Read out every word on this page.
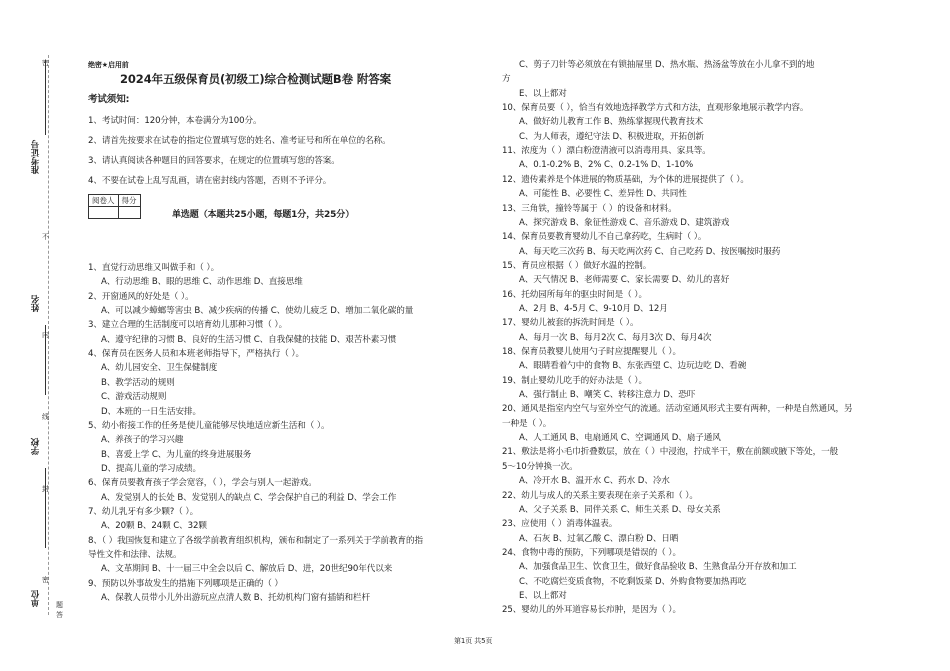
密
不
内
线
封
密
题
答
准考证号
姓名
学校
单位
绝密★启用前
2024年五级保育员(初级工)综合检测试题B卷 附答案
考试须知:
1、考试时间：120分钟，本卷满分为100分。
2、请首先按要求在试卷的指定位置填写您的姓名、准考证号和所在单位的名称。
3、请认真阅读各种题目的回答要求，在规定的位置填写您的答案。
4、不要在试卷上乱写乱画，请在密封线内答题，否则不予评分。
阅卷人	得分

单选题（本题共25小题，每题1分，共25分）
1、直觉行动思维又叫做手和（ ）。
A、行动思维 B、眼的思维 C、动作思维 D、直接思维
2、开窗通风的好处是（ ）。
A、可以减少蟑螂等害虫 B、减少疾病的传播 C、使幼儿疲乏 D、增加二氧化碳的量
3、建立合理的生活制度可以培育幼儿那种习惯（ ）。
A、遵守纪律的习惯 B、良好的生活习惯 C、自我保健的技能 D、艰苦朴素习惯
4、保育员在医务人员和本班老师指导下，严格执行（ ）。
A、幼儿园安全、卫生保健制度
B、教学活动的规则
C、游戏活动规则
D、本班的一日生活安排。
5、幼小衔接工作的任务是使儿童能够尽快地适应新生活和（ ）。
A、养孩子的学习兴趣
B、喜爱上学 C、为儿童的终身进展服务
D、提高儿童的学习成绩。
6、保育员要教育孩子学会宽容，（ ），学会与别人一起游戏。
A、发觉别人的长处 B、发觉别人的缺点 C、学会保护自己的利益 D、学会工作
7、幼儿乳牙有多少颗?（ ）。
A、20颗 B、24颗 C、32颗
8、（ ）我国恢复和建立了各级学前教育组织机构，颁布和制定了一系列关于学前教育的指
导性文件和法律、法规。
A、文革期间 B、十一届三中全会以后 C、解放后 D、进，20世纪90年代以来
9、预防以外事故发生的措施下列哪项是正确的（ ）
A、保教人员带小儿外出游玩应点清人数 B、托幼机构门窗有插销和栏杆
C、剪子刀针等必须放在有锁抽屉里 D、热水瓶、热汤盆等放在小儿拿不到的地
方
E、以上都对
10、保育员要（ ），恰当有效地选择教学方式和方法，直观形象地展示教学内容。
A、做好幼儿教育工作 B、熟练掌握现代教育技术
C、为人师表，遵纪守法 D、积极进取，开拓创新
11、浓度为（ ）漂白粉澄清液可以消毒用具、家具等。
A、0.1-0.2% B、2% C、0.2-1% D、1-10%
12、遗传素养是个体进展的物质基础，为个体的进展提供了（ ）。
A、可能性 B、必要性 C、差异性 D、共同性
13、三角铁，撞铃等属于（ ）的设备和材料。
A、探究游戏 B、象征性游戏 C、音乐游戏 D、建筑游戏
14、保育员要教育婴幼儿不自己拿药吃，生病时（ ）。
A、每天吃三次药 B、每天吃两次药 C、自己吃药 D、按医嘱按时服药
15、育员应根据（ ）做好水温的控制。
A、天气情况 B、老师需要 C、家长需要 D、幼儿的喜好
16、托幼园所每年的驱虫时间是（ ）。
A、2月 B、4-5月 C、9-10月 D、12月
17、婴幼儿被套的拆洗时间是（ ）。
A、每月一次 B、每月2次 C、每月3次 D、每月4次
18、保育员教婴儿使用勺子时应提醒婴儿（ ）。
A、眼睛看着勺中的食物 B、东张西望 C、边玩边吃 D、看碗
19、制止婴幼儿吃手的好办法是（ ）。
A、强行制止 B、嘲笑 C、转移注意力 D、恐吓
20、通风是指室内空气与室外空气的流通。活动室通风形式主要有两种，一种是自然通风，另
一种是（ ）。
A、人工通风 B、电扇通风 C、空调通风 D、扇子通风
21、敷法是将小毛巾折叠数层，放在（ ）中浸泡，拧成半干，敷在前额或腋下等处，一般
5～10分钟换一次。
A、冷开水 B、温开水 C、药水 D、冷水
22、幼儿与成人的关系主要表现在亲子关系和（ ）。
A、父子关系 B、同伴关系 C、师生关系 D、母女关系
23、应使用（ ）消毒体温表。
A、石灰 B、过氧乙酸 C、漂白粉 D、日晒
24、食物中毒的预防，下列哪项是错误的（ ）。
A、加强食品卫生、饮食卫生，做好食品验收 B、生熟食品分开存放和加工
C、不吃腐烂变质食物，不吃剩饭菜 D、外购食物要加热再吃
E、以上都对
25、婴幼儿的外耳道容易长疖肿，是因为（ ）。
第1页 共5页
